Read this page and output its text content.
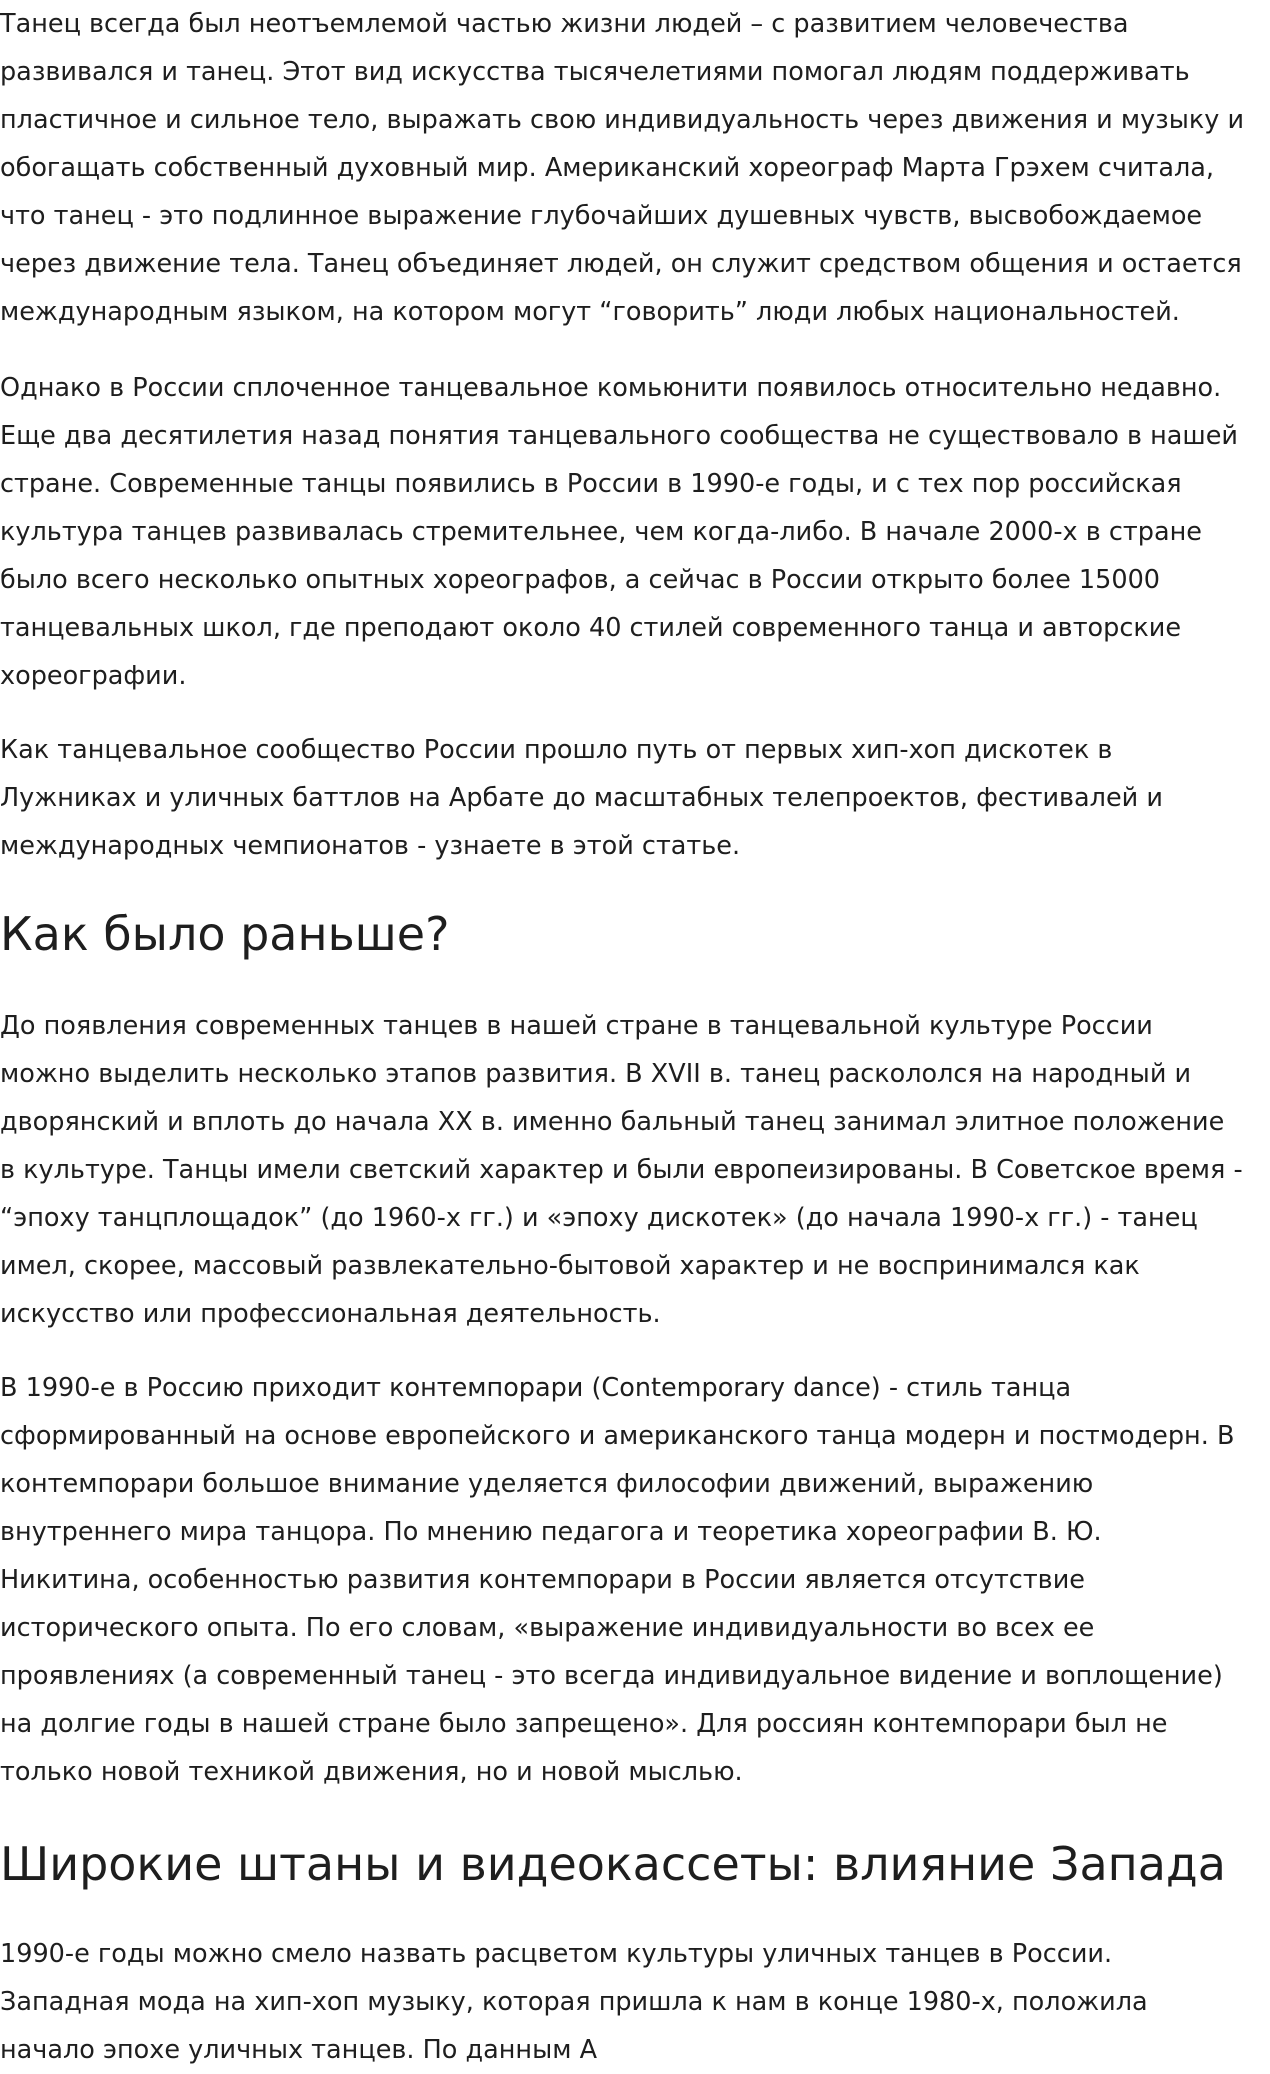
Танец всегда был неотъемлемой частью жизни людей – с развитием человечества
развивался и танец. Этот вид искусства тысячелетиями помогал людям поддерживать
пластичное и сильное тело, выражать свою индивидуальность через движения и музыку и
обогащать собственный духовный мир. Американский хореограф Марта Грэхем считала,
что танец - это подлинное выражение глубочайших душевных чувств, высвобождаемое
через движение тела. Танец объединяет людей, он служит средством общения и остается
международным языком, на котором могут “говорить” люди любых национальностей.

Однако в России сплоченное танцевальное комьюнити появилось относительно недавно.
Еще два десятилетия назад понятия танцевального сообщества не существовало в нашей
стране. Современные танцы появились в России в 1990-е годы, и с тех пор российская
культура танцев развивалась стремительнее, чем когда-либо. В начале 2000-х в стране
было всего несколько опытных хореографов, а сейчас в России открыто более 15000
танцевальных школ, где преподают около 40 стилей современного танца и авторские
хореографии.

Как танцевальное сообщество России прошло путь от первых хип-хоп дискотек в
Лужниках и уличных баттлов на Арбате до масштабных телепроектов, фестивалей и
международных чемпионатов - узнаете в этой статье.

Как было раньше?

До появления современных танцев в нашей стране в танцевальной культуре России
можно выделить несколько этапов развития. В XVII в. танец раскололся на народный и
дворянский и вплоть до начала XX в. именно бальный танец занимал элитное положение
в культуре. Танцы имели светский характер и были европеизированы. В Советское время -
“эпоху танцплощадок” (до 1960-х гг.) и «эпоху дискотек» (до начала 1990-х гг.) - танец
имел, скорее, массовый развлекательно-бытовой характер и не воспринимался как
искусство или профессиональная деятельность.

В 1990-е в Россию приходит контемпорари (Contemporary dance) - стиль танца
сформированный на основе европейского и американского танца модерн и постмодерн. В
контемпорари большое внимание уделяется философии движений, выражению
внутреннего мира танцора. По мнению педагога и теоретика хореографии В. Ю.
Никитина, особенностью развития контемпорари в России является отсутствие
исторического опыта. По его словам, «выражение индивидуальности во всех ее
проявлениях (а современный танец - это всегда индивидуальное видение и воплощение)
на долгие годы в нашей стране было запрещено». Для россиян контемпорари был не
только новой техникой движения, но и новой мыслью.

Широкие штаны и видеокассеты: влияние Запада

1990-е годы можно смело назвать расцветом культуры уличных танцев в России.
Западная мода на хип-хоп музыку, которая пришла к нам в конце 1980-х, положила
начало эпохе уличных танцев. По данным А
